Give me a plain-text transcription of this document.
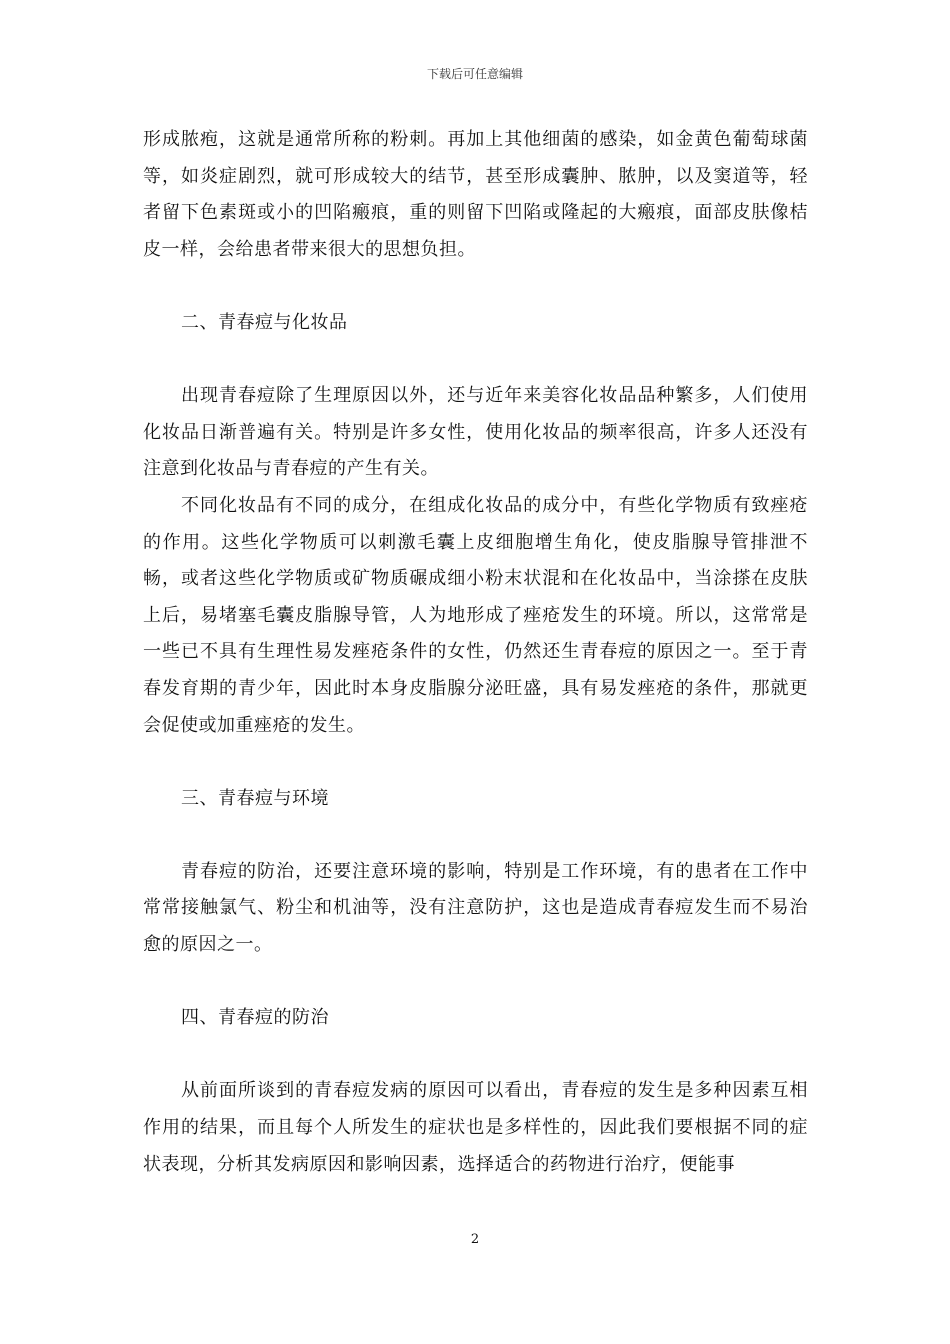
下载后可任意编辑

形成脓疱，这就是通常所称的粉刺。再加上其他细菌的感染，如金黄色葡萄球菌等，如炎症剧烈，就可形成较大的结节，甚至形成囊肿、脓肿，以及窦道等，轻者留下色素斑或小的凹陷瘢痕，重的则留下凹陷或隆起的大瘢痕，面部皮肤像桔皮一样，会给患者带来很大的思想负担。

二、青春痘与化妆品

出现青春痘除了生理原因以外，还与近年来美容化妆品品种繁多，人们使用化妆品日渐普遍有关。特别是许多女性，使用化妆品的频率很高，许多人还没有注意到化妆品与青春痘的产生有关。

不同化妆品有不同的成分，在组成化妆品的成分中，有些化学物质有致痤疮的作用。这些化学物质可以刺激毛囊上皮细胞增生角化，使皮脂腺导管排泄不畅，或者这些化学物质或矿物质碾成细小粉末状混和在化妆品中，当涂搽在皮肤上后，易堵塞毛囊皮脂腺导管，人为地形成了痤疮发生的环境。所以，这常常是一些已不具有生理性易发痤疮条件的女性，仍然还生青春痘的原因之一。至于青春发育期的青少年，因此时本身皮脂腺分泌旺盛，具有易发痤疮的条件，那就更会促使或加重痤疮的发生。

三、青春痘与环境

青春痘的防治，还要注意环境的影响，特别是工作环境，有的患者在工作中常常接触氯气、粉尘和机油等，没有注意防护，这也是造成青春痘发生而不易治愈的原因之一。

四、青春痘的防治

从前面所谈到的青春痘发病的原因可以看出，青春痘的发生是多种因素互相作用的结果，而且每个人所发生的症状也是多样性的，因此我们要根据不同的症状表现，分析其发病原因和影响因素，选择适合的药物进行治疗，便能事

2
